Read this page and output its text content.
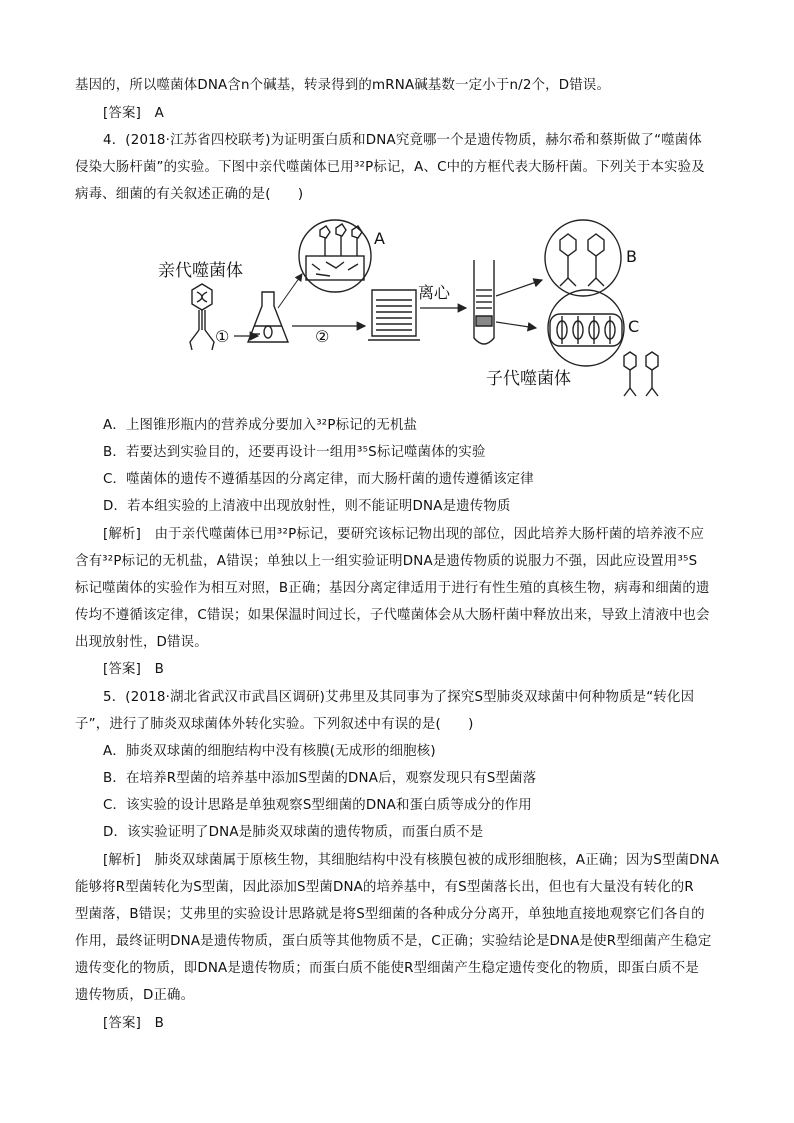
基因的，所以噬菌体DNA含n个碱基，转录得到的mRNA碱基数一定小于n/2个，D错误。
[答案]　A
4．(2018·江苏省四校联考)为证明蛋白质和DNA究竟哪一个是遗传物质，赫尔希和蔡斯做了“噬菌体
侵染大肠杆菌”的实验。下图中亲代噬菌体已用³²P标记，A、C中的方框代表大肠杆菌。下列关于本实验及
病毒、细菌的有关叙述正确的是(　　)
亲代噬菌体
①	②
A
离心
B
C
子代噬菌体
A．上图锥形瓶内的营养成分要加入³²P标记的无机盐
B．若要达到实验目的，还要再设计一组用³⁵S标记噬菌体的实验
C．噬菌体的遗传不遵循基因的分离定律，而大肠杆菌的遗传遵循该定律
D．若本组实验的上清液中出现放射性，则不能证明DNA是遗传物质
[解析]　由于亲代噬菌体已用³²P标记，要研究该标记物出现的部位，因此培养大肠杆菌的培养液不应
含有³²P标记的无机盐，A错误；单独以上一组实验证明DNA是遗传物质的说服力不强，因此应设置用³⁵S
标记噬菌体的实验作为相互对照，B正确；基因分离定律适用于进行有性生殖的真核生物，病毒和细菌的遗
传均不遵循该定律，C错误；如果保温时间过长，子代噬菌体会从大肠杆菌中释放出来，导致上清液中也会
出现放射性，D错误。
[答案]　B
5．(2018·湖北省武汉市武昌区调研)艾弗里及其同事为了探究S型肺炎双球菌中何种物质是“转化因
子”，进行了肺炎双球菌体外转化实验。下列叙述中有误的是(　　)
A．肺炎双球菌的细胞结构中没有核膜(无成形的细胞核)
B．在培养R型菌的培养基中添加S型菌的DNA后，观察发现只有S型菌落
C．该实验的设计思路是单独观察S型细菌的DNA和蛋白质等成分的作用
D．该实验证明了DNA是肺炎双球菌的遗传物质，而蛋白质不是
[解析]　肺炎双球菌属于原核生物，其细胞结构中没有核膜包被的成形细胞核，A正确；因为S型菌DNA
能够将R型菌转化为S型菌，因此添加S型菌DNA的培养基中，有S型菌落长出，但也有大量没有转化的R
型菌落，B错误；艾弗里的实验设计思路就是将S型细菌的各种成分分离开，单独地直接地观察它们各自的
作用，最终证明DNA是遗传物质，蛋白质等其他物质不是，C正确；实验结论是DNA是使R型细菌产生稳定
遗传变化的物质，即DNA是遗传物质；而蛋白质不能使R型细菌产生稳定遗传变化的物质，即蛋白质不是
遗传物质，D正确。
[答案]　B
